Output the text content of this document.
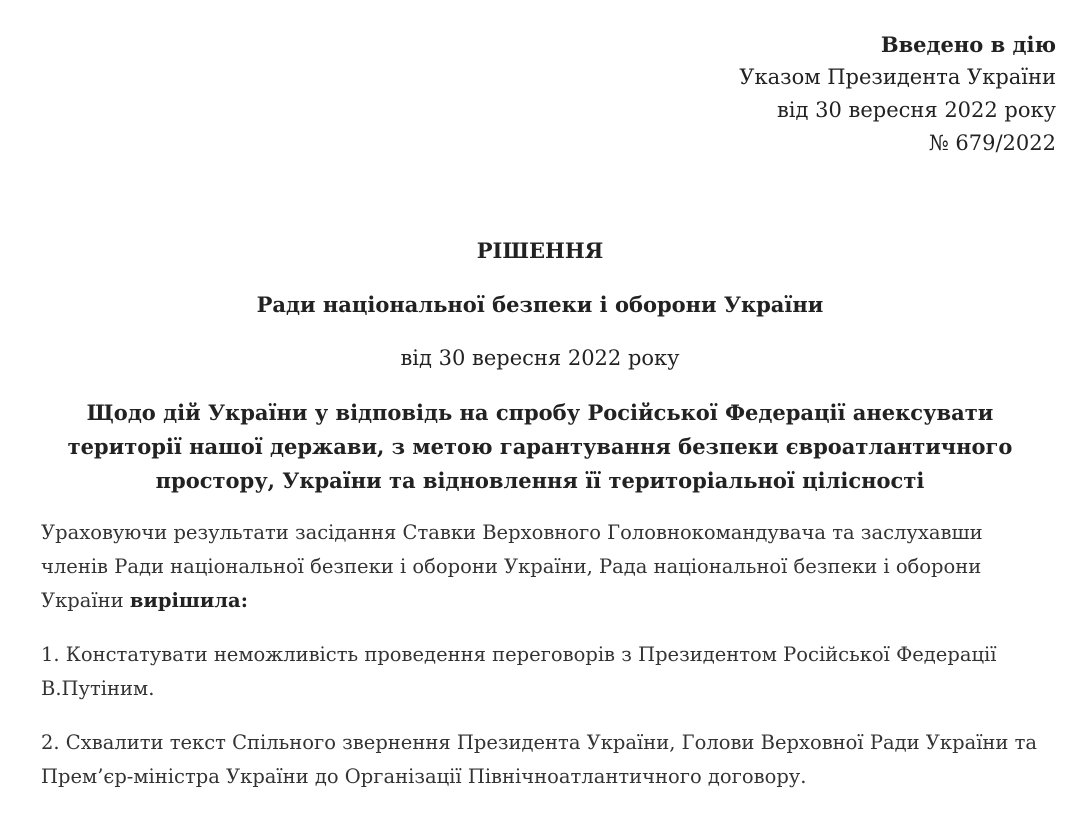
Введено в дію
Указом Президента України
від 30 вересня 2022 року
№ 679/2022
РІШЕННЯ
Ради національної безпеки і оборони України
від 30 вересня 2022 року
Щодо дій України у відповідь на спробу Російської Федерації анексувати
території нашої держави, з метою гарантування безпеки євроатлантичного
простору, України та відновлення її територіальної цілісності
Ураховуючи результати засідання Ставки Верховного Головнокомандувача та заслухавши членів Ради національної безпеки і оборони України, Рада національної безпеки і оборони України вирішила:
1. Констатувати неможливість проведення переговорів з Президентом Російської Федерації В.Путіним.
2. Схвалити текст Спільного звернення Президента України, Голови Верховної Ради України та Прем’єр-міністра України до Організації Північноатлантичного договору.
